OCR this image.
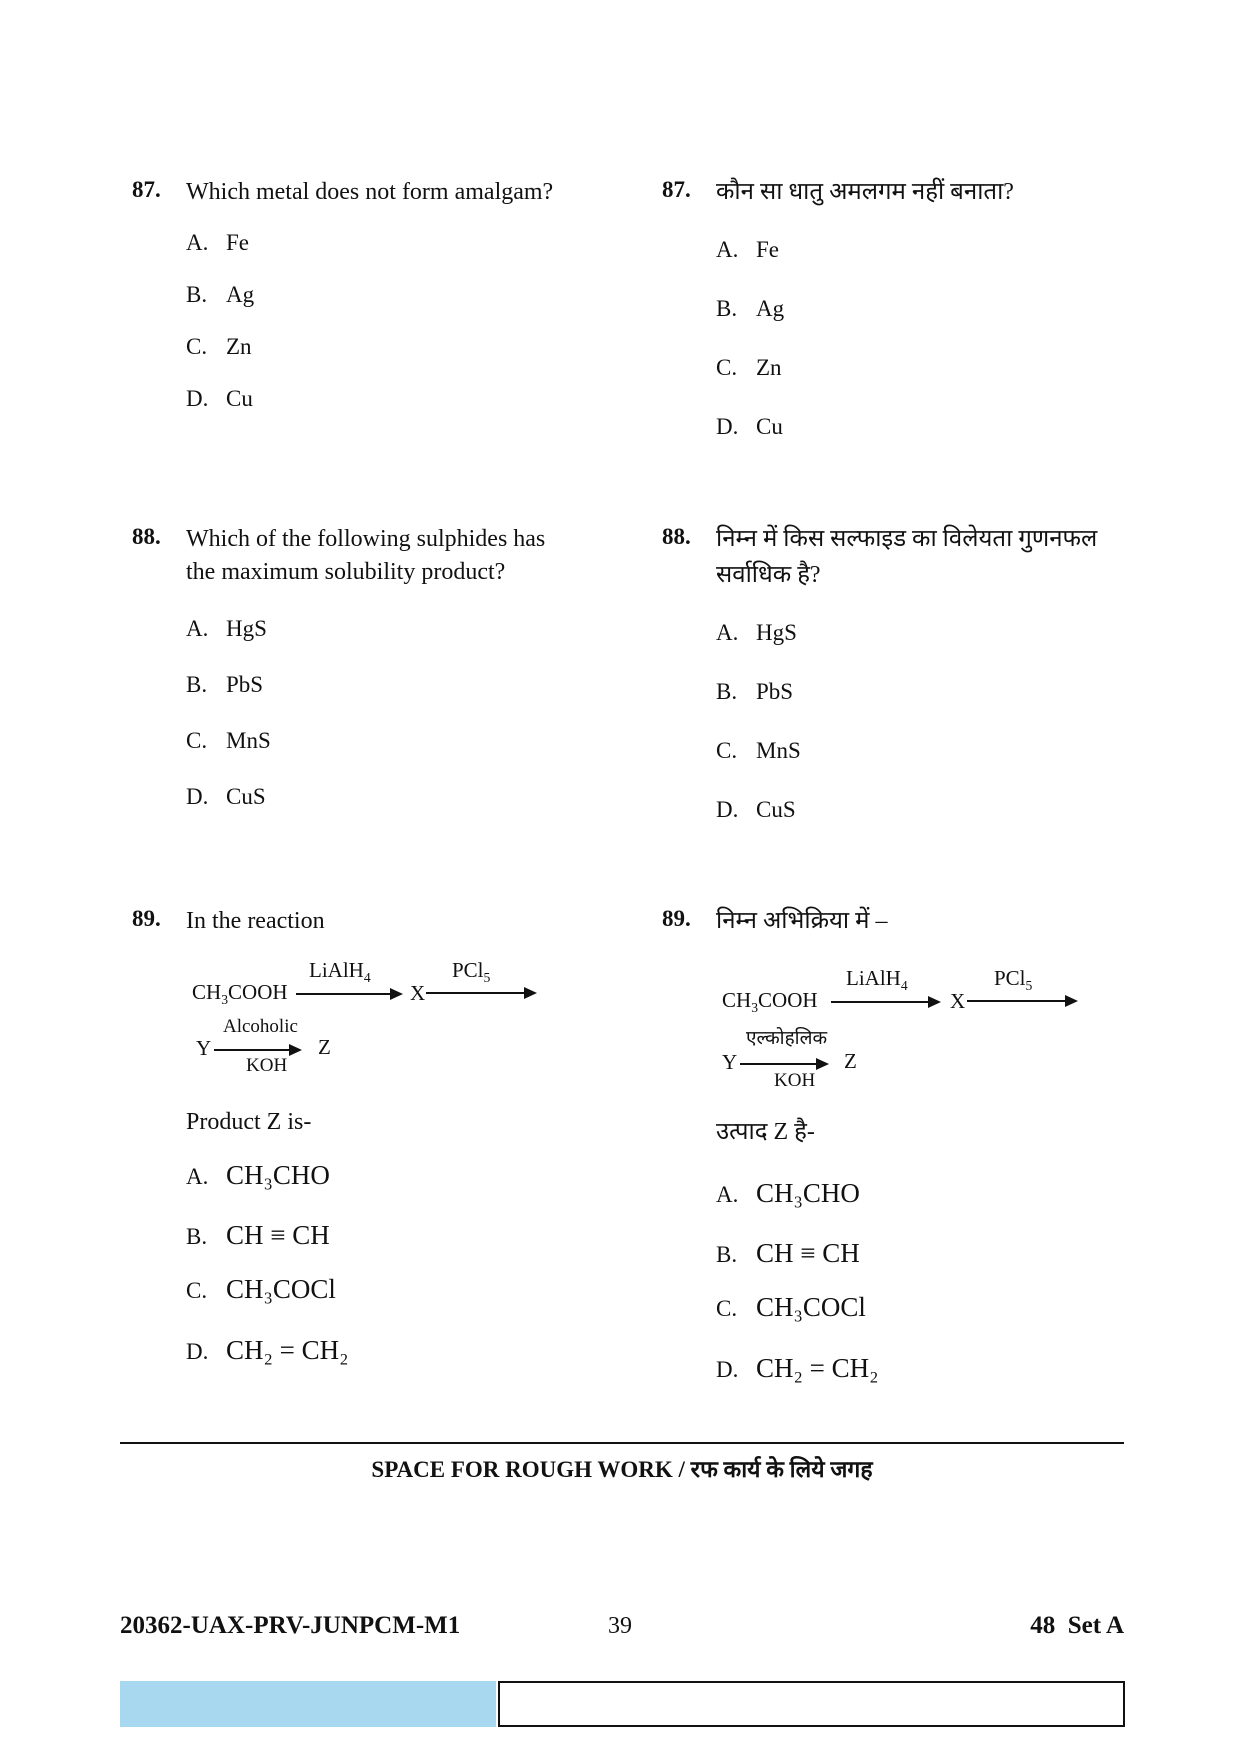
87. Which metal does not form amalgam?
A. Fe
B. Ag
C. Zn
D. Cu
87. कौन सा धातु अमलगम नहीं बनाता?
A. Fe
B. Ag
C. Zn
D. Cu
88. Which of the following sulphides has
the maximum solubility product?
A. HgS
B. PbS
C. MnS
D. CuS
88. निम्न में किस सल्फाइड का विलेयता गुणनफल
सर्वाधिक है?
A. HgS
B. PbS
C. MnS
D. CuS
89. In the reaction
$CH_3COOH$
LiAlH$_4$
X
PCl$_5$
Y
Alcoholic
KOH
Z
Product Z is-
A. CH₃CHO
B. CH ≡ CH
C. CH₃COCl
D. CH₂ = CH₂
89. निम्न अभिक्रिया में –
$CH_3COOH$
LiAlH$_4$
X
PCl$_5$
Y
एल्कोहलिक
KOH
Z
उत्पाद Z है-
A. CH₃CHO
B. CH ≡ CH
C. CH₃COCl
D. CH₂ = CH₂
SPACE FOR ROUGH WORK / रफ कार्य के लिये जगह
20362-UAX-PRV-JUNPCM-M1	39	48  Set A
